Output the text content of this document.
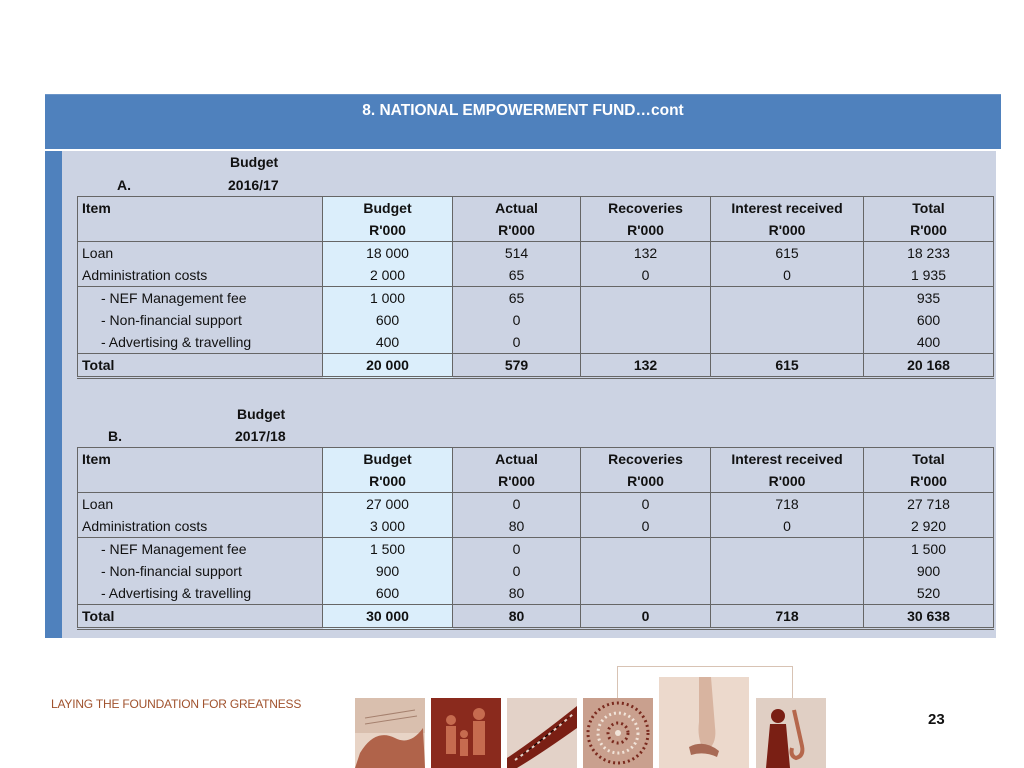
8. NATIONAL EMPOWERMENT FUND…cont
Budget
A.	2016/17
Item	Budget	Actual	Recoveries	Interest received	Total
	R'000	R'000	R'000	R'000	R'000
Loan	18 000	514	132	615	18 233
Administration costs	2 000	65	0	0	1 935
- NEF Management fee	1 000	65			935
- Non-financial support	600	0			600
- Advertising & travelling	400	0			400
Total	20 000	579	132	615	20 168
Budget
B.	2017/18
Item	Budget	Actual	Recoveries	Interest received	Total
	R'000	R'000	R'000	R'000	R'000
Loan	27 000	0	0	718	27 718
Administration costs	3 000	80	0	0	2 920
- NEF Management fee	1 500	0			1 500
- Non-financial support	900	0			900
- Advertising & travelling	600	80			520
Total	30 000	80	0	718	30 638
LAYING THE FOUNDATION FOR GREATNESS
23
